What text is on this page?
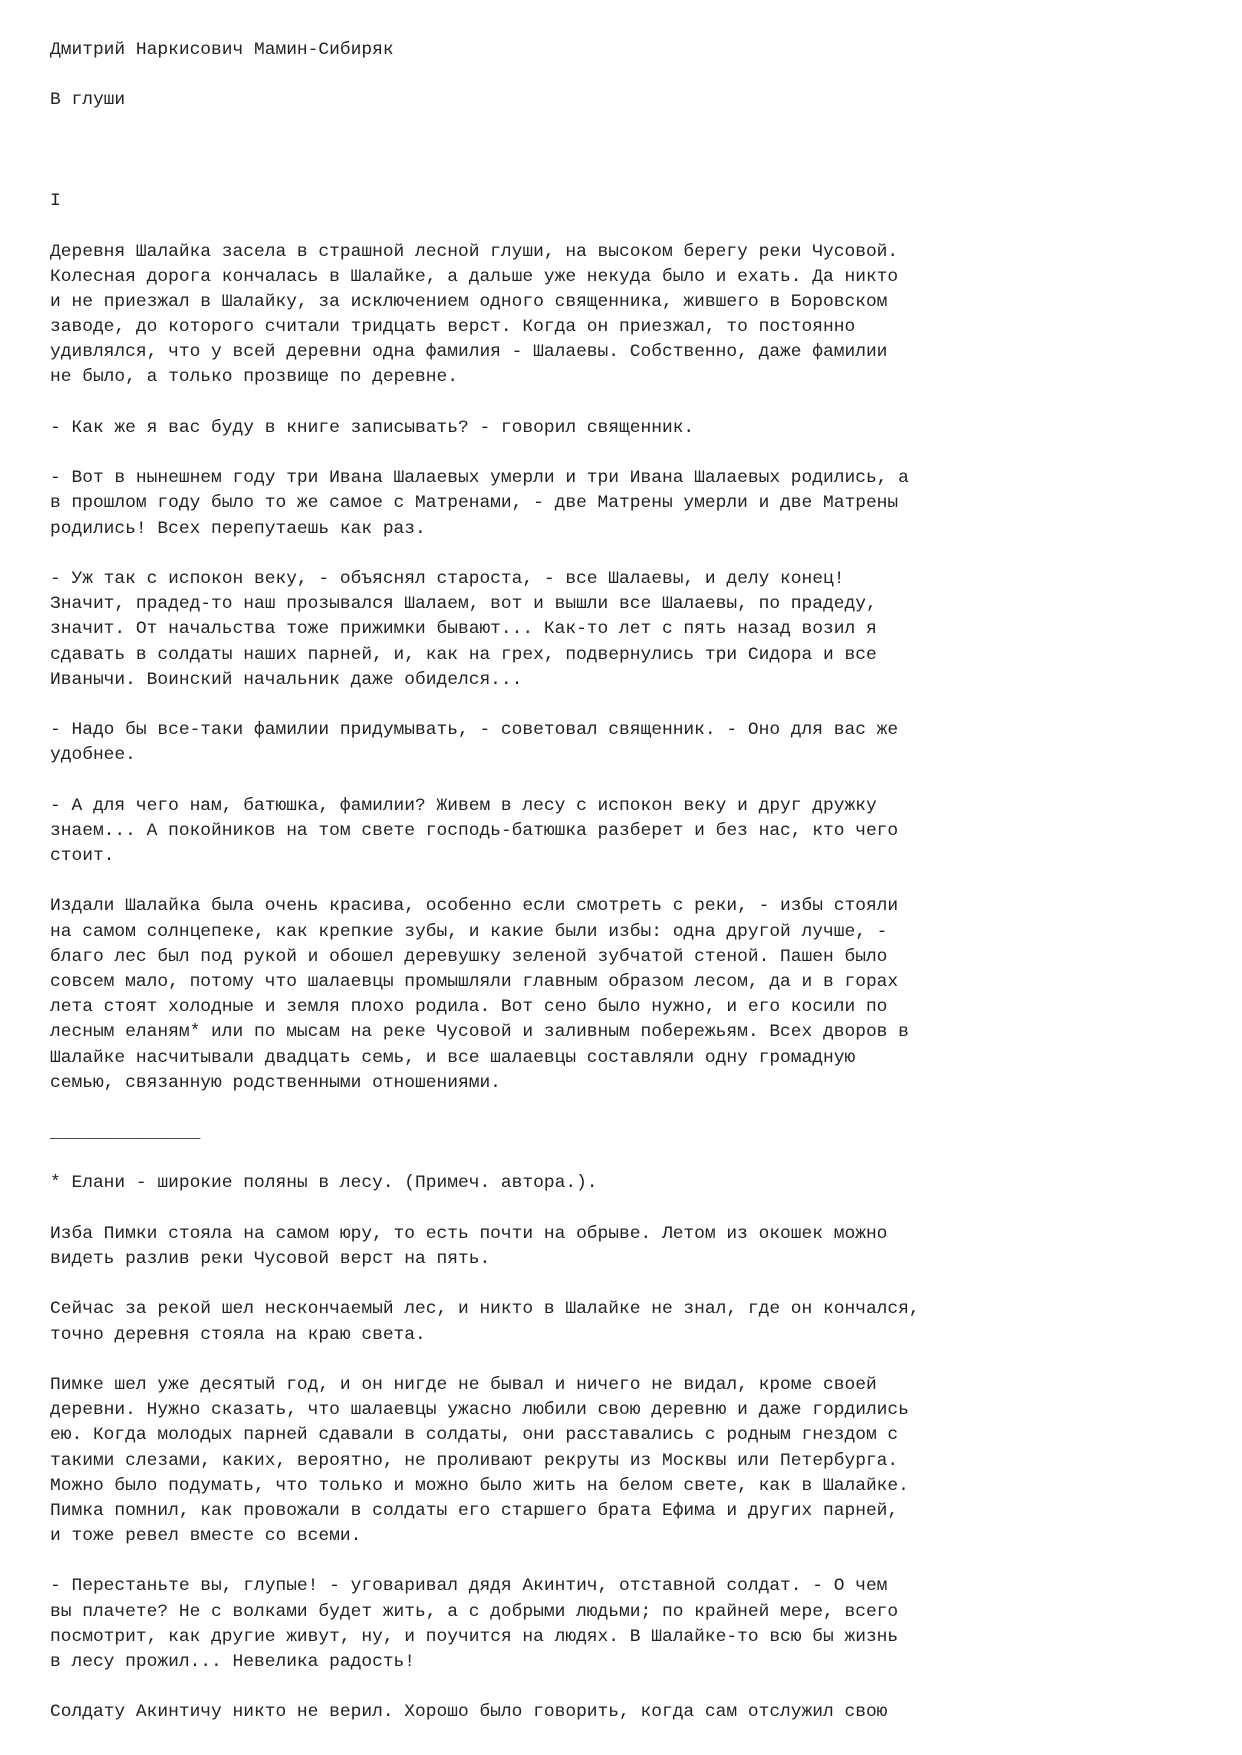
Дмитрий Наркисович Мамин-Сибиряк
В глуши
I
Деревня Шалайка засела в страшной лесной глуши, на высоком берегу реки Чусовой.
Колесная дорога кончалась в Шалайке, а дальше уже некуда было и ехать. Да никто
и не приезжал в Шалайку, за исключением одного священника, жившего в Боровском
заводе, до которого считали тридцать верст. Когда он приезжал, то постоянно
удивлялся, что у всей деревни одна фамилия - Шалаевы. Собственно, даже фамилии
не было, а только прозвище по деревне.
- Как же я вас буду в книге записывать? - говорил священник.
- Вот в нынешнем году три Ивана Шалаевых умерли и три Ивана Шалаевых родились, а
в прошлом году было то же самое с Матренами, - две Матрены умерли и две Матрены
родились! Всех перепутаешь как раз.
- Уж так с испокон веку, - объяснял староста, - все Шалаевы, и делу конец!
Значит, прадед-то наш прозывался Шалаем, вот и вышли все Шалаевы, по прадеду,
значит. От начальства тоже прижимки бывают... Как-то лет с пять назад возил я
сдавать в солдаты наших парней, и, как на грех, подвернулись три Сидора и все
Иванычи. Воинский начальник даже обиделся...
- Надо бы все-таки фамилии придумывать, - советовал священник. - Оно для вас же
удобнее.
- А для чего нам, батюшка, фамилии? Живем в лесу с испокон веку и друг дружку
знаем... А покойников на том свете господь-батюшка разберет и без нас, кто чего
стоит.
Издали Шалайка была очень красива, особенно если смотреть с реки, - избы стояли
на самом солнцепеке, как крепкие зубы, и какие были избы: одна другой лучше, -
благо лес был под рукой и обошел деревушку зеленой зубчатой стеной. Пашен было
совсем мало, потому что шалаевцы промышляли главным образом лесом, да и в горах
лета стоят холодные и земля плохо родила. Вот сено было нужно, и его косили по
лесным еланям* или по мысам на реке Чусовой и заливным побережьям. Всех дворов в
Шалайке насчитывали двадцать семь, и все шалаевцы составляли одну громадную
семью, связанную родственными отношениями.
______________
* Елани - широкие поляны в лесу. (Примеч. автора.).
Изба Пимки стояла на самом юру, то есть почти на обрыве. Летом из окошек можно
видеть разлив реки Чусовой верст на пять.
Сейчас за рекой шел нескончаемый лес, и никто в Шалайке не знал, где он кончался,
точно деревня стояла на краю света.
Пимке шел уже десятый год, и он нигде не бывал и ничего не видал, кроме своей
деревни. Нужно сказать, что шалаевцы ужасно любили свою деревню и даже гордились
ею. Когда молодых парней сдавали в солдаты, они расставались с родным гнездом с
такими слезами, каких, вероятно, не проливают рекруты из Москвы или Петербурга.
Можно было подумать, что только и можно было жить на белом свете, как в Шалайке.
Пимка помнил, как провожали в солдаты его старшего брата Ефима и других парней,
и тоже ревел вместе со всеми.
- Перестаньте вы, глупые! - уговаривал дядя Акинтич, отставной солдат. - О чем
вы плачете? Не с волками будет жить, а с добрыми людьми; по крайней мере, всего
посмотрит, как другие живут, ну, и поучится на людях. В Шалайке-то всю бы жизнь
в лесу прожил... Невелика радость!
Солдату Акинтичу никто не верил. Хорошо было говорить, когда сам отслужил свою
